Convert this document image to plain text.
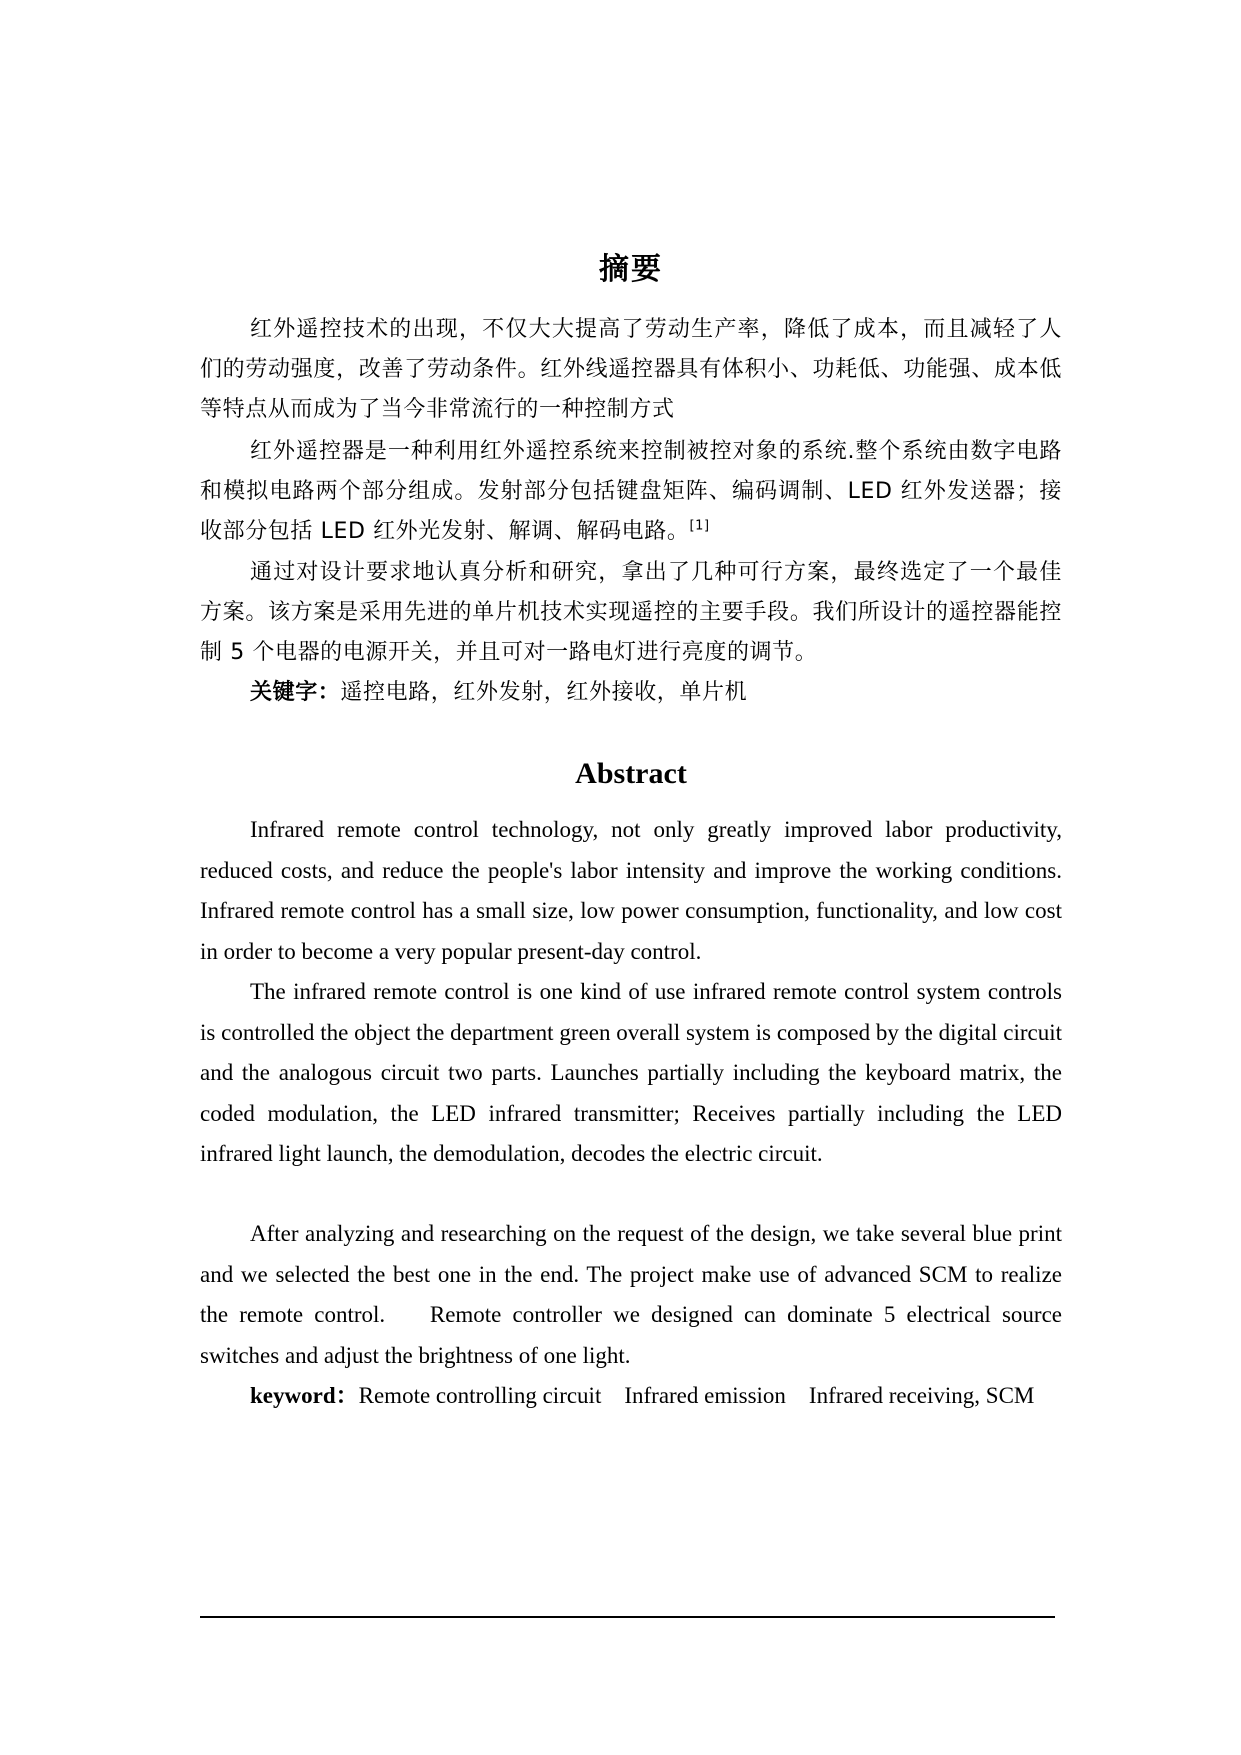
摘要

红外遥控技术的出现，不仅大大提高了劳动生产率，降低了成本，而且减轻了人们的劳动强度，改善了劳动条件。红外线遥控器具有体积小、功耗低、功能强、成本低等特点从而成为了当今非常流行的一种控制方式

红外遥控器是一种利用红外遥控系统来控制被控对象的系统.整个系统由数字电路和模拟电路两个部分组成。发射部分包括键盘矩阵、编码调制、LED 红外发送器；接收部分包括 LED 红外光发射、解调、解码电路。[1]

通过对设计要求地认真分析和研究，拿出了几种可行方案，最终选定了一个最佳方案。该方案是采用先进的单片机技术实现遥控的主要手段。我们所设计的遥控器能控制 5 个电器的电源开关，并且可对一路电灯进行亮度的调节。

关键字：遥控电路，红外发射，红外接收，单片机

Abstract

Infrared remote control technology, not only greatly improved labor productivity, reduced costs, and reduce the people's labor intensity and improve the working conditions. Infrared remote control has a small size, low power consumption, functionality, and low cost in order to become a very popular present-day control.

The infrared remote control is one kind of use infrared remote control system controls is controlled the object the department green overall system is composed by the digital circuit and the analogous circuit two parts. Launches partially including the keyboard matrix, the coded modulation, the LED infrared transmitter; Receives partially including the LED infrared light launch, the demodulation, decodes the electric circuit.

After analyzing and researching on the request of the design, we take several blue print and we selected the best one in the end. The project make use of advanced SCM to realize the remote control.    Remote controller we designed can dominate 5 electrical source switches and adjust the brightness of one light.

keyword：Remote controlling circuit    Infrared emission    Infrared receiving, SCM
